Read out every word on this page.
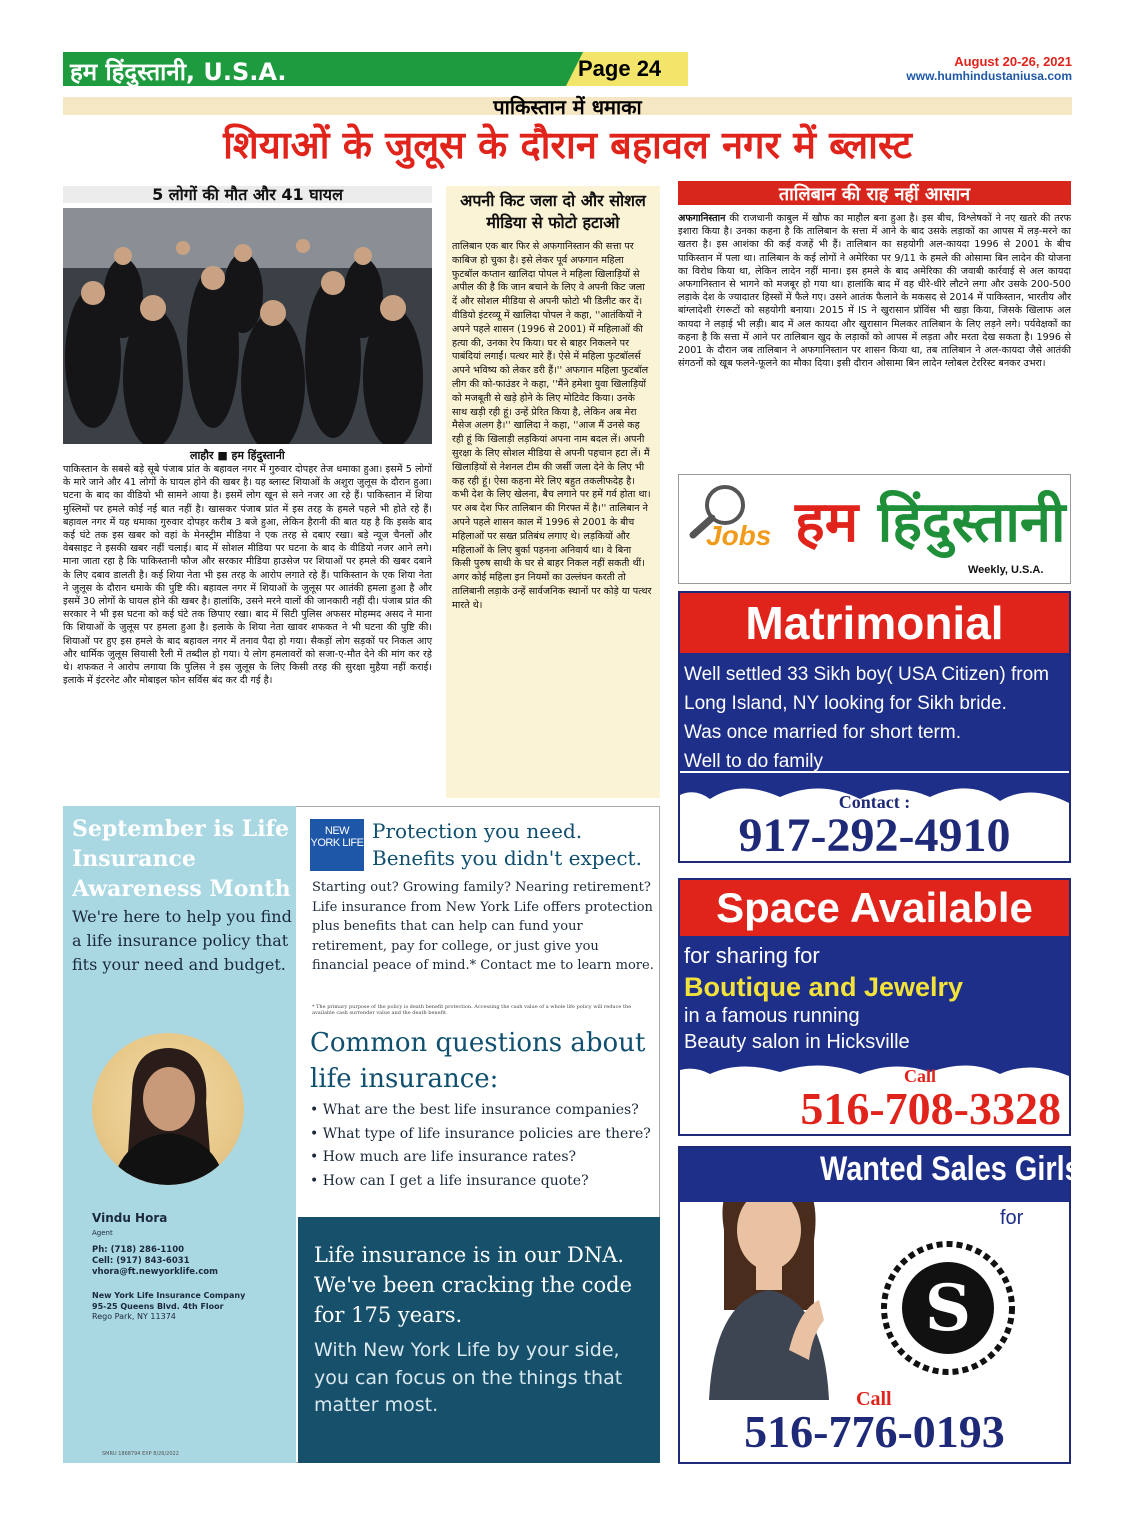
हम हिंदुस्तानी, U.S.A.	Page 24	August 20-26, 2021
www.humhindustaniusa.com
पाकिस्तान में धमाका
शियाओं के जुलूस के दौरान बहावल नगर में ब्लास्ट
5 लोगों की मौत और 41 घायल
लाहौर ■ हम हिंदुस्तानी
पाकिस्तान के सबसे बड़े सूबे पंजाब प्रांत के बहावल नगर में गुरुवार दोपहर तेज धमाका हुआ। इसमें 5 लोगों के मारे जाने और 41 लोगों के घायल होने की खबर है। यह ब्लास्ट शियाओं के अशुरा जुलूस के दौरान हुआ। घटना के बाद का वीडियो भी सामने आया है। इसमें लोग खून से सने नजर आ रहे हैं। पाकिस्तान में शिया मुस्लिमों पर हमले कोई नई बात नहीं है। खासकर पंजाब प्रांत में इस तरह के हमले पहले भी होते रहे हैं। बहावल नगर में यह धमाका गुरुवार दोपहर करीब 3 बजे हुआ, लेकिन हैरानी की बात यह है कि इसके बाद कई घंटे तक इस खबर को वहां के मेनस्ट्रीम मीडिया ने एक तरह से दबाए रखा। बड़े न्यूज चैनलों और वेबसाइट ने इसकी खबर नहीं चलाई। बाद में सोशल मीडिया पर घटना के बाद के वीडियो नजर आने लगे। माना जाता रहा है कि पाकिस्तानी फौज और सरकार मीडिया हाउसेज पर शियाओं पर हमले की खबर दबाने के लिए दबाव डालती है। कई शिया नेता भी इस तरह के आरोप लगाते रहे हैं। पाकिस्तान के एक शिया नेता ने जुलूस के दौरान धमाके की पुष्टि की। बहावल नगर में शियाओं के जुलूस पर आतंकी हमला हुआ है और इसमें 30 लोगों के घायल होने की खबर है। हालांकि, उसने मरने वालों की जानकारी नहीं दी। पंजाब प्रांत की सरकार ने भी इस घटना को कई घंटे तक छिपाए रखा। बाद में सिटी पुलिस अफसर मोहम्मद असद ने माना कि शियाओं के जुलूस पर हमला हुआ है। इलाके के शिया नेता खावर शफकत ने भी घटना की पुष्टि की। शियाओं पर हुए इस हमले के बाद बहावल नगर में तनाव पैदा हो गया। सैकड़ों लोग सड़कों पर निकल आए और धार्मिक जुलूस सियासी रैली में तब्दील हो गया। ये लोग हमलावरों को सजा-ए-मौत देने की मांग कर रहे थे। शफकत ने आरोप लगाया कि पुलिस ने इस जुलूस के लिए किसी तरह की सुरक्षा मुहैया नहीं कराई। इलाके में इंटरनेट और मोबाइल फोन सर्विस बंद कर दी गई है।
अपनी किट जला दो और सोशल मीडिया से फोटो हटाओ
तालिबान एक बार फिर से अफगानिस्तान की सत्ता पर काबिज हो चुका है। इसे लेकर पूर्व अफगान महिला फुटबॉल कप्तान खालिदा पोपल ने महिला खिलाड़ियों से अपील की है कि जान बचाने के लिए वे अपनी किट जला दें और सोशल मीडिया से अपनी फोटो भी डिलीट कर दें। वीडियो इंटरव्यू में खालिदा पोपल ने कहा, ''आतंकियों ने अपने पहले शासन (1996 से 2001) में महिलाओं की हत्या की, उनका रेप किया। घर से बाहर निकलने पर पाबंदियां लगाईं। पत्थर मारे हैं। ऐसे में महिला फुटबॉलर्स अपने भविष्य को लेकर डरी हैं।'' अफगान महिला फुटबॉल लीग की को-फाउंडर ने कहा, ''मैंने हमेशा युवा खिलाड़ियों को मजबूती से खड़े होने के लिए मोटिवेट किया। उनके साथ खड़ी रही हूं। उन्हें प्रेरित किया है, लेकिन अब मेरा मैसेज अलग है।'' खालिदा ने कहा, ''आज मैं उनसे कह रही हूं कि खिलाड़ी लड़कियां अपना नाम बदल लें। अपनी सुरक्षा के लिए सोशल मीडिया से अपनी पहचान हटा लें। मैं खिलाड़ियों से नेशनल टीम की जर्सी जला देने के लिए भी कह रही हूं। ऐसा कहना मेरे लिए बहुत तकलीफदेह है। कभी देश के लिए खेलना, बैच लगाने पर हमें गर्व होता था। पर अब देश फिर तालिबान की गिरफ्त में है।'' तालिबान ने अपने पहले शासन काल में 1996 से 2001 के बीच महिलाओं पर सख्त प्रतिबंध लगाए थे। लड़कियों और महिलाओं के लिए बुर्का पहनना अनिवार्य था। वे बिना किसी पुरुष साथी के घर से बाहर निकल नहीं सकती थीं। अगर कोई महिला इन नियमों का उल्लंघन करती तो तालिबानी लड़ाके उन्हें सार्वजनिक स्थानों पर कोड़े या पत्थर मारते थे।
तालिबान की राह नहीं आसान
अफगानिस्तान की राजधानी काबुल में खौफ का माहौल बना हुआ है। इस बीच, विश्लेषकों ने नए खतरे की तरफ इशारा किया है। उनका कहना है कि तालिबान के सत्ता में आने के बाद उसके लड़ाकों का आपस में लड़-मरने का खतरा है। इस आशंका की कई वजहें भी हैं। तालिबान का सहयोगी अल-कायदा 1996 से 2001 के बीच पाकिस्तान में पला था। तालिबान के कई लोगों ने अमेरिका पर 9/11 के हमले की ओसामा बिन लादेन की योजना का विरोध किया था, लेकिन लादेन नहीं माना। इस हमले के बाद अमेरिका की जवाबी कार्रवाई से अल कायदा अफगानिस्तान से भागने को मजबूर हो गया था। हालांकि बाद में वह धीरे-धीरे लौटने लगा और उसके 200-500 लड़ाके देश के ज्यादातर हिस्सों में फैले गए। उसने आतंक फैलाने के मकसद से 2014 में पाकिस्तान, भारतीय और बांग्लादेशी रंगरूटों को सहयोगी बनाया। 2015 में IS ने खुरासान प्रॉविंस भी खड़ा किया, जिसके खिलाफ अल कायदा ने लड़ाई भी लड़ी। बाद में अल कायदा और खुरासान मिलकर तालिबान के लिए लड़ने लगे। पर्यवेक्षकों का कहना है कि सत्ता में आने पर तालिबान खुद के लड़ाकों को आपस में लड़ता और मरता देख सकता है। 1996 से 2001 के दौरान जब तालिबान ने अफगानिस्तान पर शासन किया था, तब तालिबान ने अल-कायदा जैसे आतंकी संगठनों को खूब फलने-फूलने का मौका दिया। इसी दौरान ओसामा बिन लादेन ग्लोबल टेररिस्ट बनकर उभरा।
Jobs हम हिंदुस्तानी
Weekly, U.S.A.
Matrimonial
Well settled 33 Sikh boy( USA Citizen) from
Long Island, NY looking for Sikh bride.
Was once married for short term.
Well to do family
Contact :
917-292-4910
Space Available
for sharing for
Boutique and Jewelry
in a famous running
Beauty salon in Hicksville
Call
516-708-3328
S
Wanted Sales Girls
for
Call
516-776-0193
September is Life Insurance Awareness Month
We're here to help you find a life insurance policy that fits your need and budget.
Vindu Hora
Agent
Ph: (718) 286-1100
Cell: (917) 843-6031
vhora@ft.newyorklife.com
New York Life Insurance Company
95-25 Queens Blvd. 4th Floor
Rego Park, NY 11374
SMRU 1868794 EXP 8/26/2022
NEW YORK LIFE Protection you need. Benefits you didn't expect.
Starting out? Growing family? Nearing retirement? Life insurance from New York Life offers protection plus benefits that can help can fund your retirement, pay for college, or just give you financial peace of mind.* Contact me to learn more.
* The primary purpose of the policy is death benefit protection. Accessing the cash value of a whole life policy will reduce the available cash surrender value and the death benefit.
Common questions about life insurance:
• What are the best life insurance companies?
• What type of life insurance policies are there?
• How much are life insurance rates?
• How can I get a life insurance quote?
Life insurance is in our DNA. We've been cracking the code for 175 years.
With New York Life by your side, you can focus on the things that matter most.
